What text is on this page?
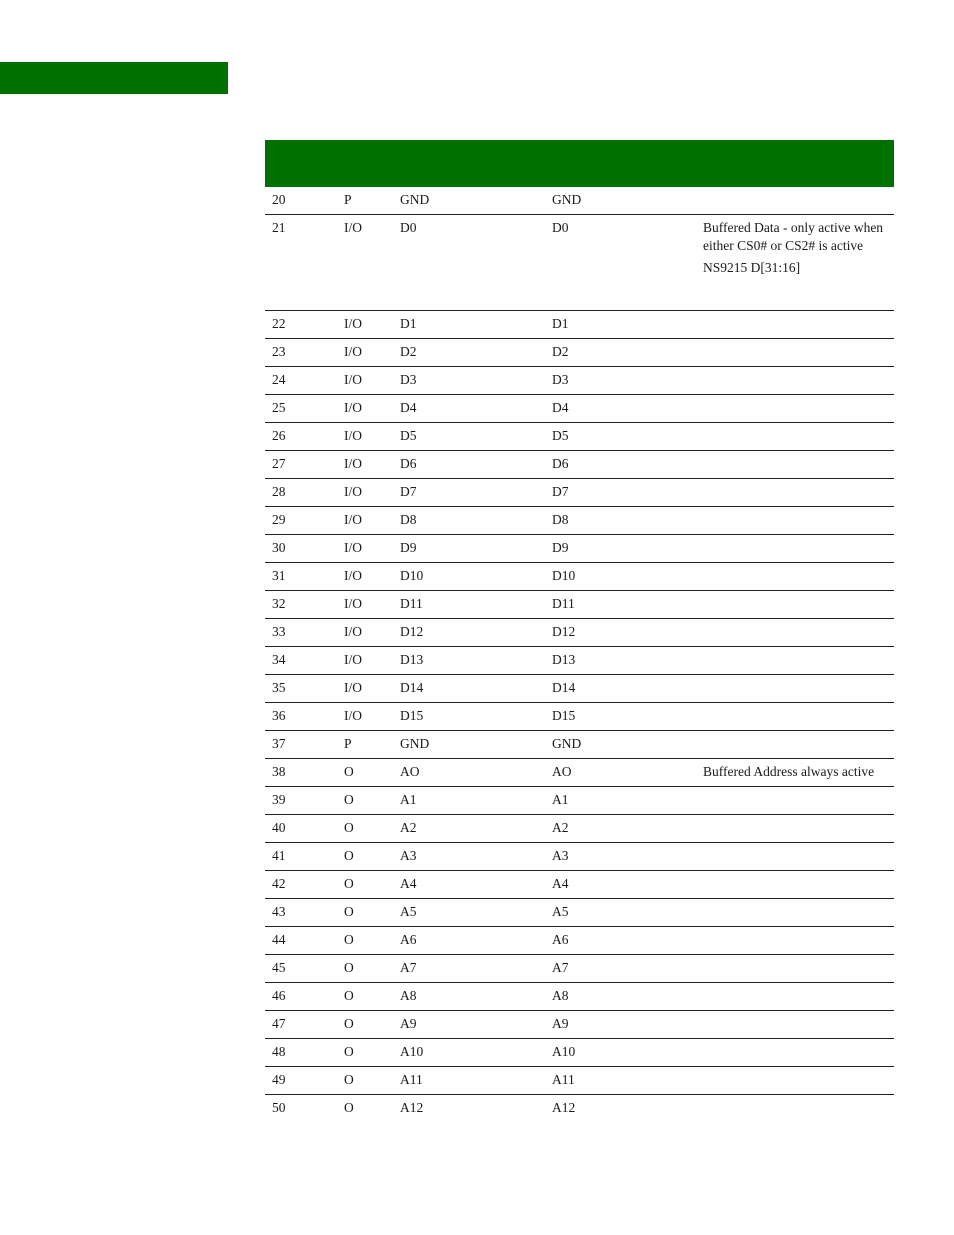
20	P	GND	GND
21	I/O	D0	D0	Buffered Data - only active when
either CS0# or CS2# is active
NS9215 D[31:16]
22	I/O	D1	D1
23	I/O	D2	D2
24	I/O	D3	D3
25	I/O	D4	D4
26	I/O	D5	D5
27	I/O	D6	D6
28	I/O	D7	D7
29	I/O	D8	D8
30	I/O	D9	D9
31	I/O	D10	D10
32	I/O	D11	D11
33	I/O	D12	D12
34	I/O	D13	D13
35	I/O	D14	D14
36	I/O	D15	D15
37	P	GND	GND
38	O	AO	AO	Buffered Address always active
39	O	A1	A1
40	O	A2	A2
41	O	A3	A3
42	O	A4	A4
43	O	A5	A5
44	O	A6	A6
45	O	A7	A7
46	O	A8	A8
47	O	A9	A9
48	O	A10	A10
49	O	A11	A11
50	O	A12	A12
